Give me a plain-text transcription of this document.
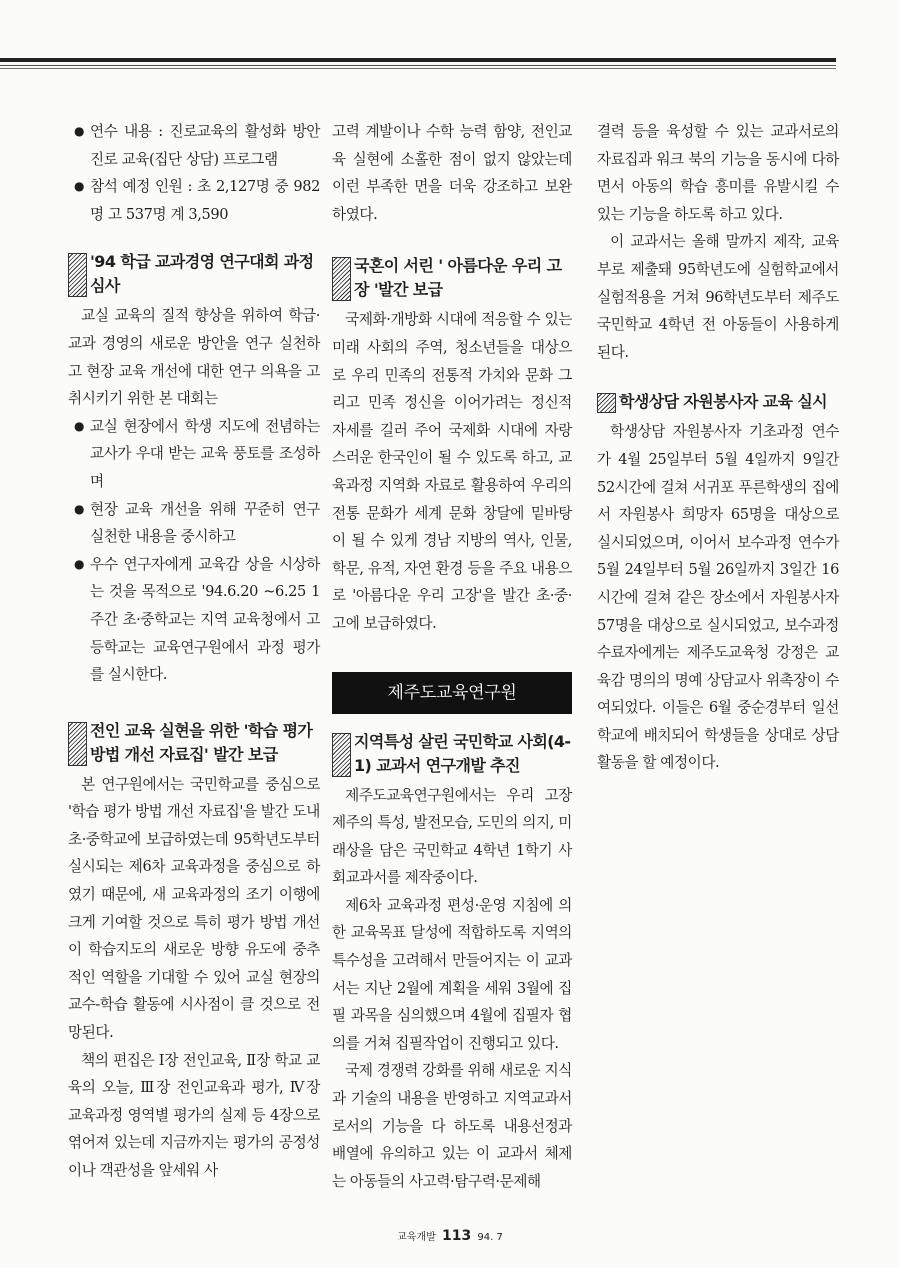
● 연수 내용 : 진로교육의 활성화 방안 진로 교육(집단 상담) 프로그램
● 참석 예정 인원 : 초 2,127명 중 982명 고 537명 계 3,590
'94 학급 교과경영 연구대회 과정 심사

교실 교육의 질적 향상을 위하여 학급·교과 경영의 새로운 방안을 연구 실천하고 현장 교육 개선에 대한 연구 의욕을 고취시키기 위한 본 대회는

● 교실 현장에서 학생 지도에 전념하는 교사가 우대 받는 교육 풍토를 조성하며
● 현장 교육 개선을 위해 꾸준히 연구 실천한 내용을 중시하고
● 우수 연구자에게 교육감 상을 시상하는 것을 목적으로 '94.6.20 ~6.25 1주간 초·중학교는 지역 교육청에서 고등학교는 교육연구원에서 과정 평가를 실시한다.
전인 교육 실현을 위한 '학습 평가 방법 개선 자료집' 발간 보급

본 연구원에서는 국민학교를 중심으로 '학습 평가 방법 개선 자료집'을 발간 도내 초·중학교에 보급하였는데 95학년도부터 실시되는 제6차 교육과정을 중심으로 하였기 때문에, 새 교육과정의 조기 이행에 크게 기여할 것으로 특히 평가 방법 개선이 학습지도의 새로운 방향 유도에 중추적인 역할을 기대할 수 있어 교실 현장의 교수-학습 활동에 시사점이 클 것으로 전망된다.

책의 편집은 Ⅰ장 전인교육, Ⅱ장 학교 교육의 오늘, Ⅲ장 전인교육과 평가, Ⅳ장 교육과정 영역별 평가의 실제 등 4장으로 엮어져 있는데 지금까지는 평가의 공정성이나 객관성을 앞세워 사

고력 계발이나 수학 능력 함양, 전인교육 실현에 소홀한 점이 없지 않았는데 이런 부족한 면을 더욱 강조하고 보완하였다.

국혼이 서린 ' 아름다운 우리 고장 '발간 보급

국제화·개방화 시대에 적응할 수 있는 미래 사회의 주역, 청소년들을 대상으로 우리 민족의 전통적 가치와 문화 그리고 민족 정신을 이어가려는 정신적 자세를 길러 주어 국제화 시대에 자랑스러운 한국인이 될 수 있도록 하고, 교육과정 지역화 자료로 활용하여 우리의 전통 문화가 세계 문화 창달에 밑바탕이 될 수 있게 경남 지방의 역사, 인물, 학문, 유적, 자연 환경 등을 주요 내용으로 '아름다운 우리 고장'을 발간 초·중·고에 보급하였다.

제주도교육연구원
지역특성 살린 국민학교 사회(4-1) 교과서 연구개발 추진

제주도교육연구원에서는 우리 고장 제주의 특성, 발전모습, 도민의 의지, 미래상을 담은 국민학교 4학년 1학기 사회교과서를 제작중이다.

제6차 교육과정 편성·운영 지침에 의한 교육목표 달성에 적합하도록 지역의 특수성을 고려해서 만들어지는 이 교과서는 지난 2월에 계획을 세워 3월에 집필 과목을 심의했으며 4월에 집필자 협의를 거쳐 집필작업이 진행되고 있다.

국제 경쟁력 강화를 위해 새로운 지식과 기술의 내용을 반영하고 지역교과서로서의 기능을 다 하도록 내용선정과 배열에 유의하고 있는 이 교과서 체제는 아동들의 사고력·탐구력·문제해

결력 등을 육성할 수 있는 교과서로의 자료집과 워크 북의 기능을 동시에 다하면서 아동의 학습 흥미를 유발시킬 수 있는 기능을 하도록 하고 있다.

이 교과서는 올해 말까지 제작, 교육부로 제출돼 95학년도에 실험학교에서 실험적용을 거쳐 96학년도부터 제주도 국민학교 4학년 전 아동들이 사용하게 된다.

학생상담 자원봉사자 교육 실시

학생상담 자원봉사자 기초과정 연수가 4월 25일부터 5월 4일까지 9일간 52시간에 걸쳐 서귀포 푸른학생의 집에서 자원봉사 희망자 65명을 대상으로 실시되었으며, 이어서 보수과정 연수가 5월 24일부터 5월 26일까지 3일간 16시간에 걸쳐 같은 장소에서 자원봉사자 57명을 대상으로 실시되었고, 보수과정 수료자에게는 제주도교육청 강정은 교육감 명의의 명예 상담교사 위촉장이 수여되었다. 이들은 6월 중순경부터 일선학교에 배치되어 학생들을 상대로 상담활동을 할 예정이다.

교육개발 113 94. 7
